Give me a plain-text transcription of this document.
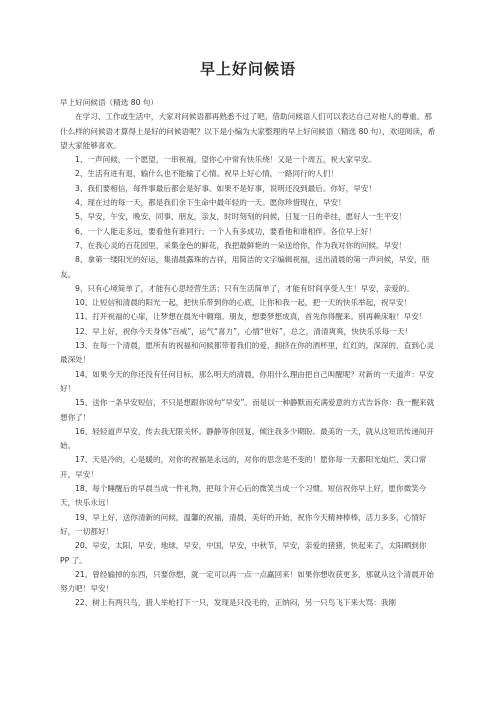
早上好问候语

早上好问候语（精选 80 句）

在学习、工作或生活中，大家对问候语都再熟悉不过了吧，借助问候语人们可以表达自己对他人的尊重。那什么样的问候语才算得上是好的问候语呢？以下是小编为大家整理的早上好问候语（精选 80 句），欢迎阅读，希望大家能够喜欢。

1、一声问候，一个愿望，一串祝福，望你心中常有快乐绕！又是一个周五，祝大家早安。

2、生活有进有退，输什么也不能输了心情。祝早上好心情，一路同行的人们！

3、我们要相信，每件事最后都会是好事。如果不是好事，说明还没到最后。你好，早安！

4、现在过的每一天，都是我们余下生命中最年轻的一天。愿你珍惜现在，早安！

5、早安，午安，晚安，同事，朋友，亲友，时时刻刻的问候，日复一日的牵挂，愿好人一生平安！

6、一个人能走多远，要看他有谁同行；一个人有多成功，要看他和谁相伴。各位早上好！

7、在我心灵的百花园里，采集金色的鲜花，我把最鲜艳的一朵送给你，作为我对你的问候。早安！

8、拿第一缕阳光的好运，集清晨露珠的吉祥，用简洁的文字编辑祝福，送出清晨的第一声问候，早安，朋友。

9、只有心境简单了，才能有心思经营生活；只有生活简单了，才能有时间享受人生！早安，亲爱的。

10、让短信和清晨的阳光一起，把快乐带到你的心底，让你和我一起，把一天的快乐举起，祝早安！

11、打开祝福的心扉，让梦想在晨光中翱翔。朋友，想要梦想成真，首先你得醒来。别再赖床啦！早安！

12、早上好，祝你今天身体“百威”，运气“喜力”，心情“世好”，总之，清清爽爽，快快乐乐每一天！

13、在每一个清晨，愿所有的祝福和问候都带着我们的爱，拥挤在你的酒杯里，红红的，深深的，直到心灵最深处！

14、如果今天的你还没有任何目标，那么明天的清晨，你用什么理由把自己叫醒呢？对新的一天道声：早安好！

15、送你一条早安短信，不只是想跟你说句“早安”。而是以一种静默而充满爱意的方式告诉你：我一醒来就想你了！

16、轻轻道声早安，传去我无限关怀。静静等你回复，倾注我多少期盼。最美的一天，就从这短讯传递间开始。

17、天是冷的，心是暖的，对你的祝福是永远的，对你的思念是不变的！愿你每一天都阳光灿烂、笑口常开，早安！

18、每个睡醒后的早晨当成一件礼物，把每个开心后的微笑当成一个习惯。短信祝你早上好，愿你微笑今天，快乐永远！

19、早上好，送你清新的问候，温馨的祝福，清晨，美好的开始，祝你今天精神棒棒，活力多多，心情好好，一切都好！

20、早安，太阳，早安，地球，早安，中国，早安，中秋节，早安，亲爱的猪猪，快起来了，太阳晒到你 PP 了。

21、曾经输掉的东西，只要你想，就一定可以再一点一点赢回来！如果你想收获更多，那就从这个清晨开始努力吧！早安！

22、树上有两只鸟，猎人举枪打下一只，发现是只没毛的，正纳闷，另一只鸟飞下来大骂：我刚
